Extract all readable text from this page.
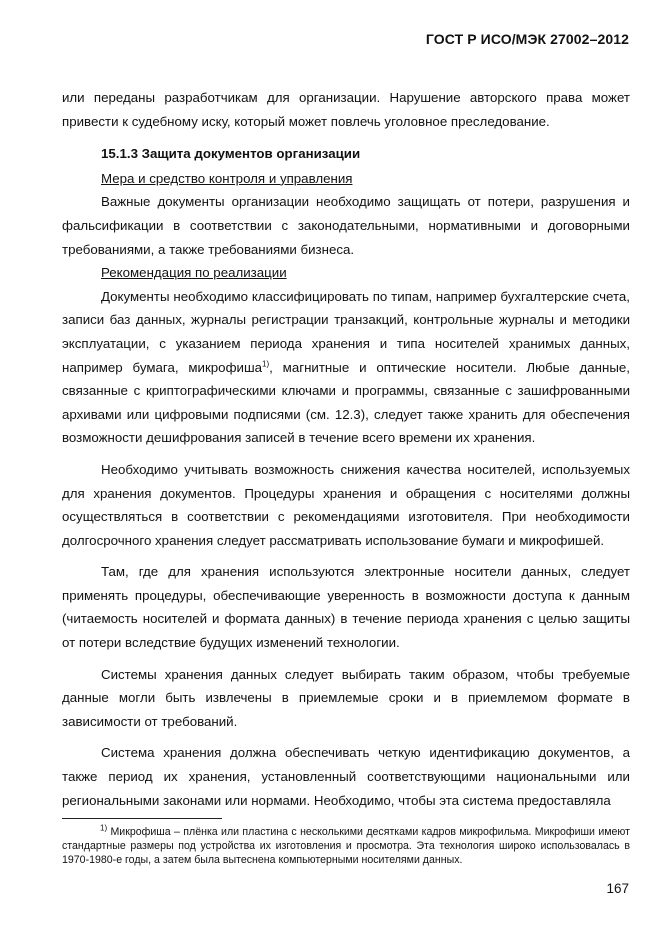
ГОСТ Р ИСО/МЭК 27002–2012

или переданы разработчикам для организации. Нарушение авторского права может привести к судебному иску, который может повлечь уголовное преследование.

15.1.3 Защита документов организации

Мера и средство контроля и управления

Важные документы организации необходимо защищать от потери, разрушения и фальсификации в соответствии с законодательными, нормативными и договорными требованиями, а также требованиями бизнеса.

Рекомендация по реализации

Документы необходимо классифицировать по типам, например бухгалтерские счета, записи баз данных, журналы регистрации транзакций, контрольные журналы и методики эксплуатации, с указанием периода хранения и типа носителей хранимых данных, например бумага, микрофиша$^{1)}$, магнитные и оптические носители. Любые данные, связанные с криптографическими ключами и программы, связанные с зашифрованными архивами или цифровыми подписями (см. 12.3), следует также хранить для обеспечения возможности дешифрования записей в течение всего времени их хранения.

Необходимо учитывать возможность снижения качества носителей, используемых для хранения документов. Процедуры хранения и обращения с носителями должны осуществляться в соответствии с рекомендациями изготовителя. При необходимости долгосрочного хранения следует рассматривать использование бумаги и микрофишей.

Там, где для хранения используются электронные носители данных, следует применять процедуры, обеспечивающие уверенность в возможности доступа к данным (читаемость носителей и формата данных) в течение периода хранения с целью защиты от потери вследствие будущих изменений технологии.

Системы хранения данных следует выбирать таким образом, чтобы требуемые данные могли быть извлечены в приемлемые сроки и в приемлемом формате в зависимости от требований.

Система хранения должна обеспечивать четкую идентификацию документов, а также период их хранения, установленный соответствующими национальными или региональными законами или нормами. Необходимо, чтобы эта система предоставляла

$^{1)}$ Микрофиша – плёнка или пластина с несколькими десятками кадров микрофильма. Микрофиши имеют стандартные размеры под устройства их изготовления и просмотра. Эта технология широко использовалась в 1970-1980-е годы, а затем была вытеснена компьютерными носителями данных.
167
